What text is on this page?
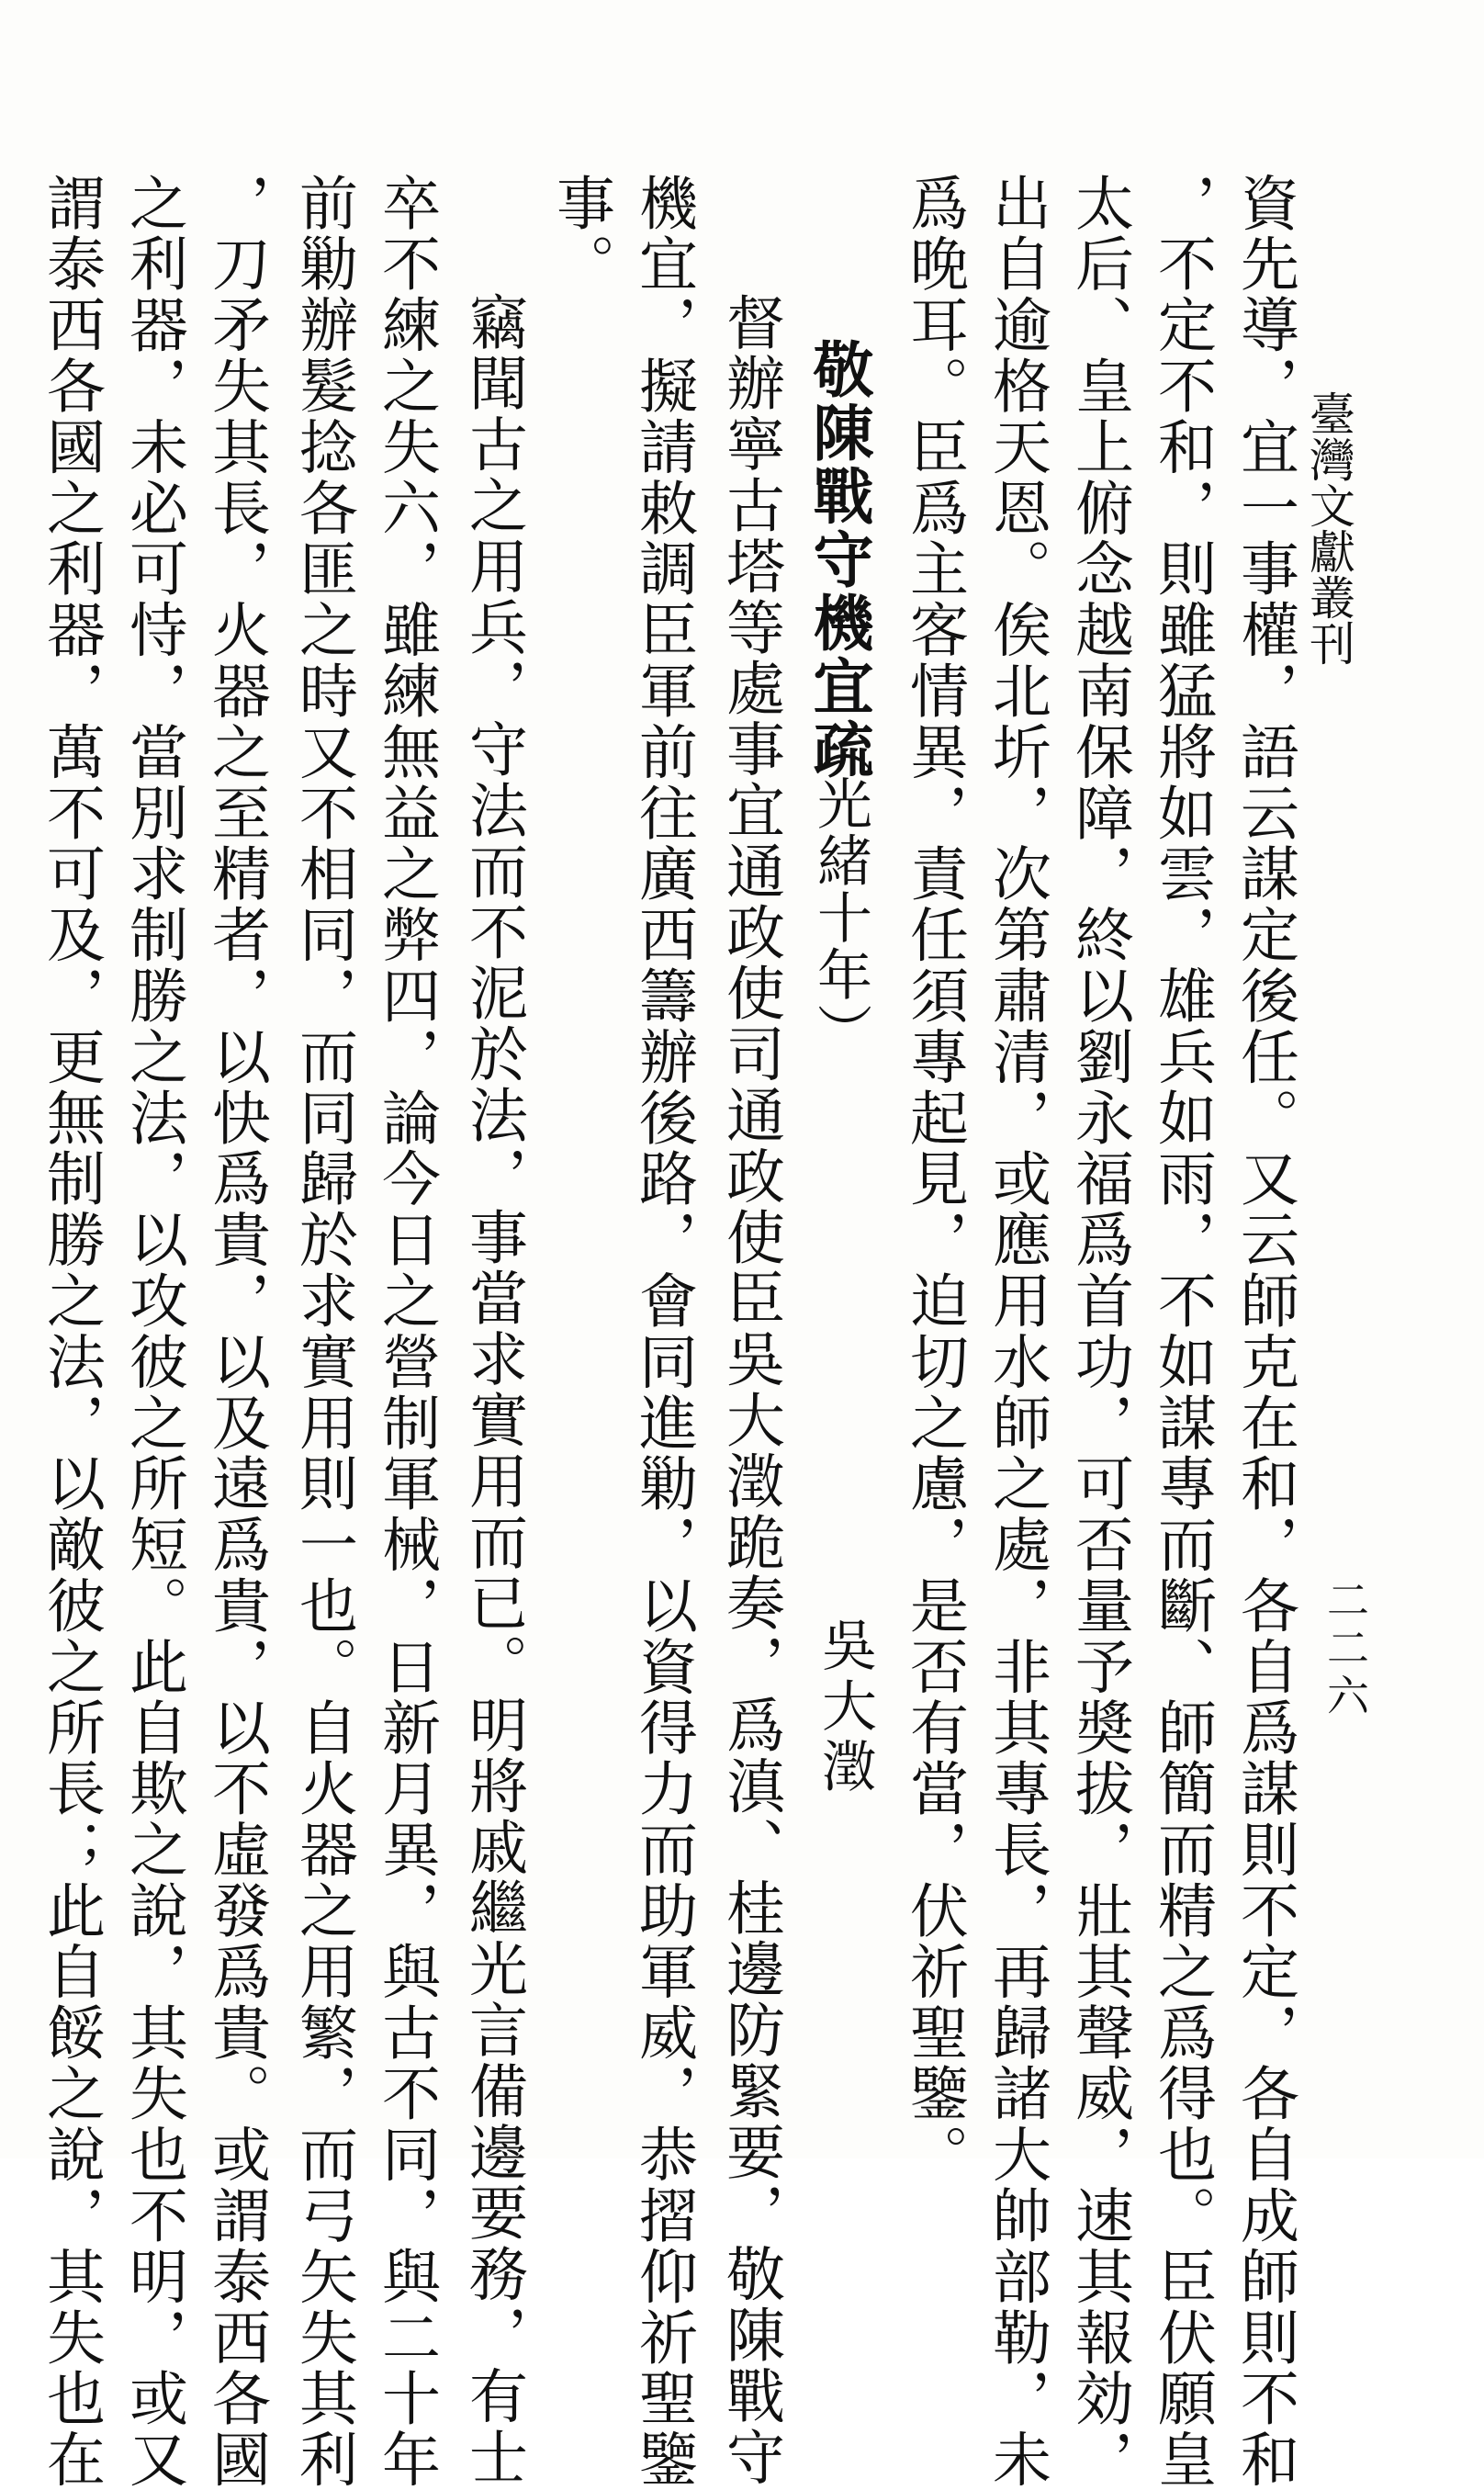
臺灣文獻叢刊
二二六
資先導，宜一事權，語云謀定後任。又云師克在和，各自爲謀則不定，各自成師則不和
，不定不和，則雖猛將如雲，雄兵如雨，不如謀專而斷、師簡而精之爲得也。臣伏願皇
太后、皇上俯念越南保障，終以劉永福爲首功，可否量予奬拔，壯其聲威，速其報効，
出自逾格天恩。俟北圻，次第肅清，或應用水師之處，非其專長，再歸諸大帥部勒，未
爲晚耳。臣爲主客情異，責任須專起見，迫切之慮，是否有當，伏祈聖鑒。
敬陳戰守機宜疏
（光緒十年）
吳大澂
督辦寧古塔等處事宜通政使司通政使臣吳大澂跪奏，爲滇、桂邊防緊要，敬陳戰守
機宜，擬請敕調臣軍前往廣西籌辦後路，會同進勦，以資得力而助軍威，恭摺仰祈聖鑒
事。
竊聞古之用兵，守法而不泥於法，事當求實用而已。明將戚繼光言備邊要務，有士
卒不練之失六，雖練無益之弊四，論今日之營制軍械，日新月異，與古不同，與二十年
前勦辦髮捻各匪之時又不相同，而同歸於求實用則一也。自火器之用繁，而弓矢失其利
，刀矛失其長，火器之至精者，以快爲貴，以及遠爲貴，以不虛發爲貴。或謂泰西各國
之利器，未必可恃，當別求制勝之法，以攻彼之所短。此自欺之說，其失也不明，或又
謂泰西各國之利器，萬不可及，更無制勝之法，以敵彼之所長；此自餒之說，其失也在
